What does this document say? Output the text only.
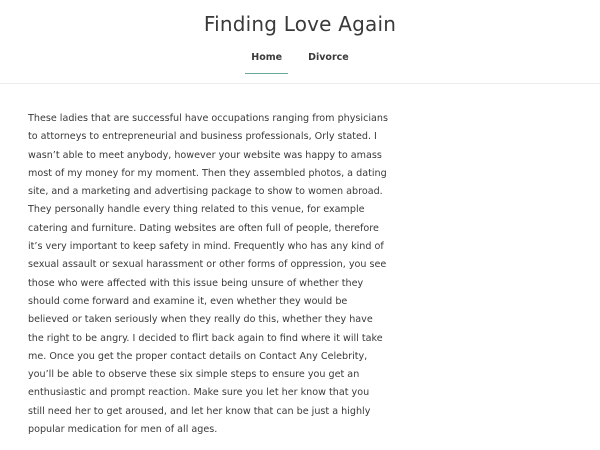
Finding Love Again
Home	Divorce

These ladies that are successful have occupations ranging from physicians to attorneys to entrepreneurial and business professionals, Orly stated. I wasn’t able to meet anybody, however your website was happy to amass most of my money for my moment. Then they assembled photos, a dating site, and a marketing and advertising package to show to women abroad. They personally handle every thing related to this venue, for example catering and furniture. Dating websites are often full of people, therefore it’s very important to keep safety in mind. Frequently who has any kind of sexual assault or sexual harassment or other forms of oppression, you see those who were affected with this issue being unsure of whether they should come forward and examine it, even whether they would be believed or taken seriously when they really do this, whether they have the right to be angry. I decided to flirt back again to find where it will take me. Once you get the proper contact details on Contact Any Celebrity, you’ll be able to observe these six simple steps to ensure you get an enthusiastic and prompt reaction. Make sure you let her know that you still need her to get aroused, and let her know that can be just a highly popular medication for men of all ages.
